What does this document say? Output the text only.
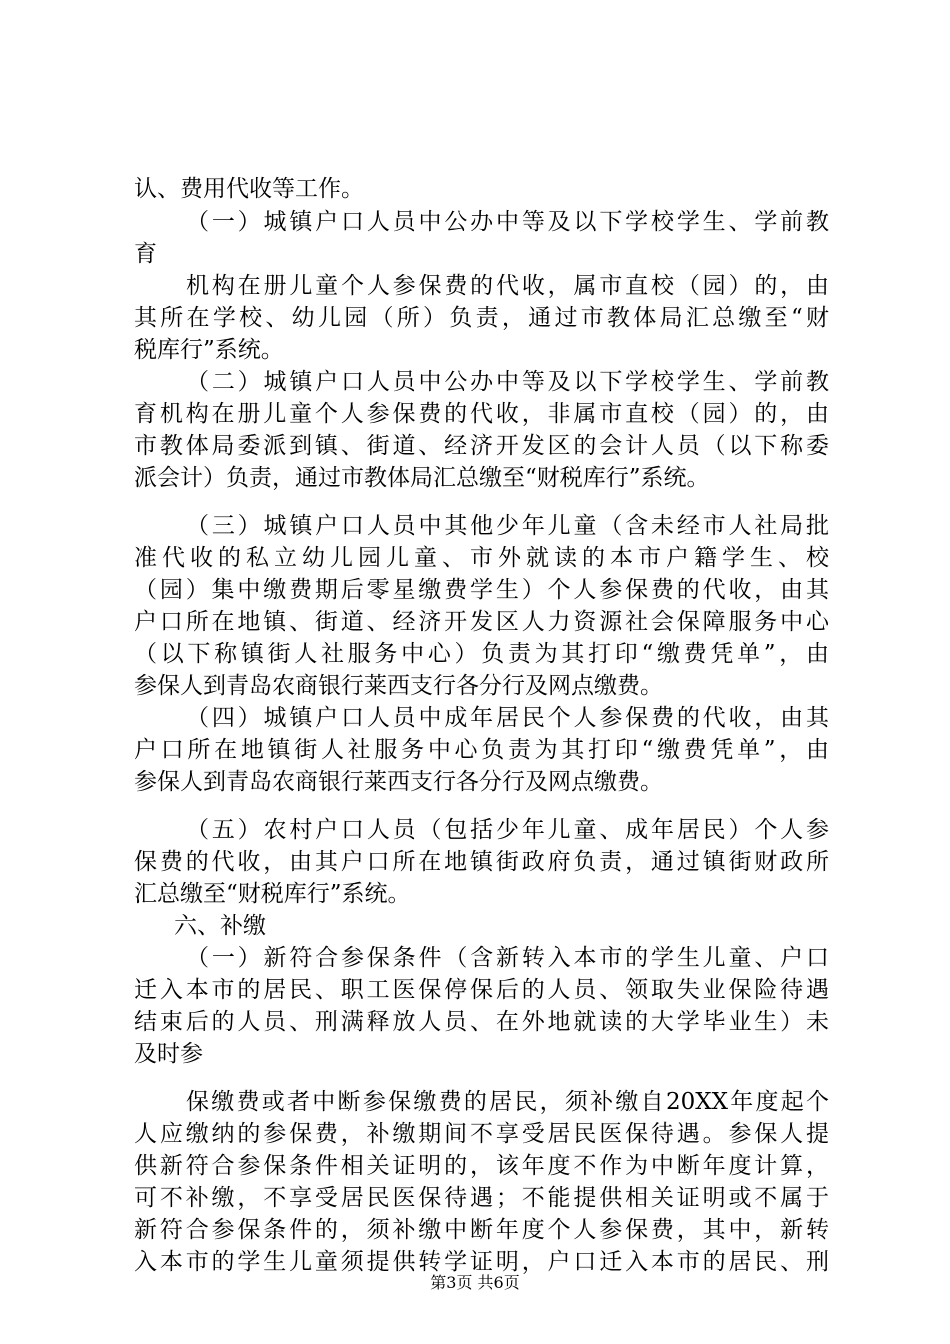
认、费用代收等工作。
（一）城镇户口人员中公办中等及以下学校学生、学前教
育
机构在册儿童个人参保费的代收，属市直校（园）的，由
其所在学校、幼儿园（所）负责，通过市教体局汇总缴至“财
税库行”系统。
（二）城镇户口人员中公办中等及以下学校学生、学前教
育机构在册儿童个人参保费的代收，非属市直校（园）的，由
市教体局委派到镇、街道、经济开发区的会计人员（以下称委
派会计）负责，通过市教体局汇总缴至“财税库行”系统。
（三）城镇户口人员中其他少年儿童（含未经市人社局批
准代收的私立幼儿园儿童、市外就读的本市户籍学生、校
（园）集中缴费期后零星缴费学生）个人参保费的代收，由其
户口所在地镇、街道、经济开发区人力资源社会保障服务中心
（以下称镇街人社服务中心）负责为其打印“缴费凭单”，由
参保人到青岛农商银行莱西支行各分行及网点缴费。
（四）城镇户口人员中成年居民个人参保费的代收，由其
户口所在地镇街人社服务中心负责为其打印“缴费凭单”，由
参保人到青岛农商银行莱西支行各分行及网点缴费。
（五）农村户口人员（包括少年儿童、成年居民）个人参
保费的代收，由其户口所在地镇街政府负责，通过镇街财政所
汇总缴至“财税库行”系统。
六、补缴
（一）新符合参保条件（含新转入本市的学生儿童、户口
迁入本市的居民、职工医保停保后的人员、领取失业保险待遇
结束后的人员、刑满释放人员、在外地就读的大学毕业生）未
及时参
保缴费或者中断参保缴费的居民，须补缴自20XX年度起个
人应缴纳的参保费，补缴期间不享受居民医保待遇。参保人提
供新符合参保条件相关证明的，该年度不作为中断年度计算，
可不补缴，不享受居民医保待遇；不能提供相关证明或不属于
新符合参保条件的，须补缴中断年度个人参保费，其中，新转
入本市的学生儿童须提供转学证明，户口迁入本市的居民、刑
第3页 共6页
